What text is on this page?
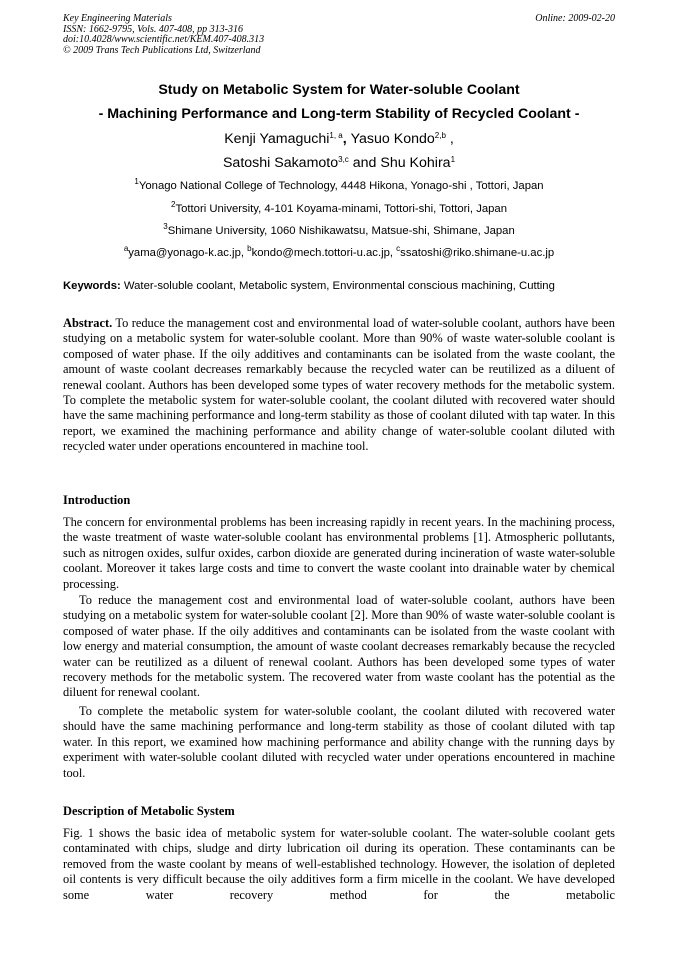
Key Engineering Materials
ISSN: 1662-9795, Vols. 407-408, pp 313-316
doi:10.4028/www.scientific.net/KEM.407-408.313
© 2009 Trans Tech Publications Ltd, Switzerland
Online: 2009-02-20
Study on Metabolic System for Water-soluble Coolant
- Machining Performance and Long-term Stability of Recycled Coolant -
Kenji Yamaguchi$^{1, a}$, Yasuo Kondo$^{2,b}$ ,
Satoshi Sakamoto$^{3,c}$ and Shu Kohira$^1$
$^1$Yonago National College of Technology, 4448 Hikona, Yonago-shi , Tottori, Japan
$^2$Tottori University, 4-101 Koyama-minami, Tottori-shi, Tottori, Japan
$^3$Shimane University, 1060 Nishikawatsu, Matsue-shi, Shimane, Japan
$^a$yama@yonago-k.ac.jp, $^b$kondo@mech.tottori-u.ac.jp, $^c$ssatoshi@riko.shimane-u.ac.jp
Keywords: Water-soluble coolant, Metabolic system, Environmental conscious machining, Cutting

Abstract. To reduce the management cost and environmental load of water-soluble coolant, authors have been studying on a metabolic system for water-soluble coolant. More than 90% of waste water-soluble coolant is composed of water phase. If the oily additives and contaminants can be isolated from the waste coolant, the amount of waste coolant decreases remarkably because the recycled water can be reutilized as a diluent of renewal coolant. Authors has been developed some types of water recovery methods for the metabolic system. To complete the metabolic system for water-soluble coolant, the coolant diluted with recovered water should have the same machining performance and long-term stability as those of coolant diluted with tap water. In this report, we examined the machining performance and ability change of water-soluble coolant diluted with recycled water under operations encountered in machine tool.

Introduction

The concern for environmental problems has been increasing rapidly in recent years. In the machining process, the waste treatment of waste water-soluble coolant has environmental problems [1]. Atmospheric pollutants, such as nitrogen oxides, sulfur oxides, carbon dioxide are generated during incineration of waste water-soluble coolant. Moreover it takes large costs and time to convert the waste coolant into drainable water by chemical processing.

To reduce the management cost and environmental load of water-soluble coolant, authors have been studying on a metabolic system for water-soluble coolant [2]. More than 90% of waste water-soluble coolant is composed of water phase. If the oily additives and contaminants can be isolated from the waste coolant with low energy and material consumption, the amount of waste coolant decreases remarkably because the recycled water can be reutilized as a diluent of renewal coolant. Authors has been developed some types of water recovery methods for the metabolic system. The recovered water from waste coolant has the potential as the diluent for renewal coolant.

To complete the metabolic system for water-soluble coolant, the coolant diluted with recovered water should have the same machining performance and long-term stability as those of coolant diluted with tap water. In this report, we examined how machining performance and ability change with the running days by experiment with water-soluble coolant diluted with recycled water under operations encountered in machine tool.

Description of Metabolic System

Fig. 1 shows the basic idea of metabolic system for water-soluble coolant. The water-soluble coolant gets contaminated with chips, sludge and dirty lubrication oil during its operation. These contaminants can be removed from the waste coolant by means of well-established technology. However, the isolation of depleted oil contents is very difficult because the oily additives form a firm micelle in the coolant. We have developed some water recovery method for the metabolic
